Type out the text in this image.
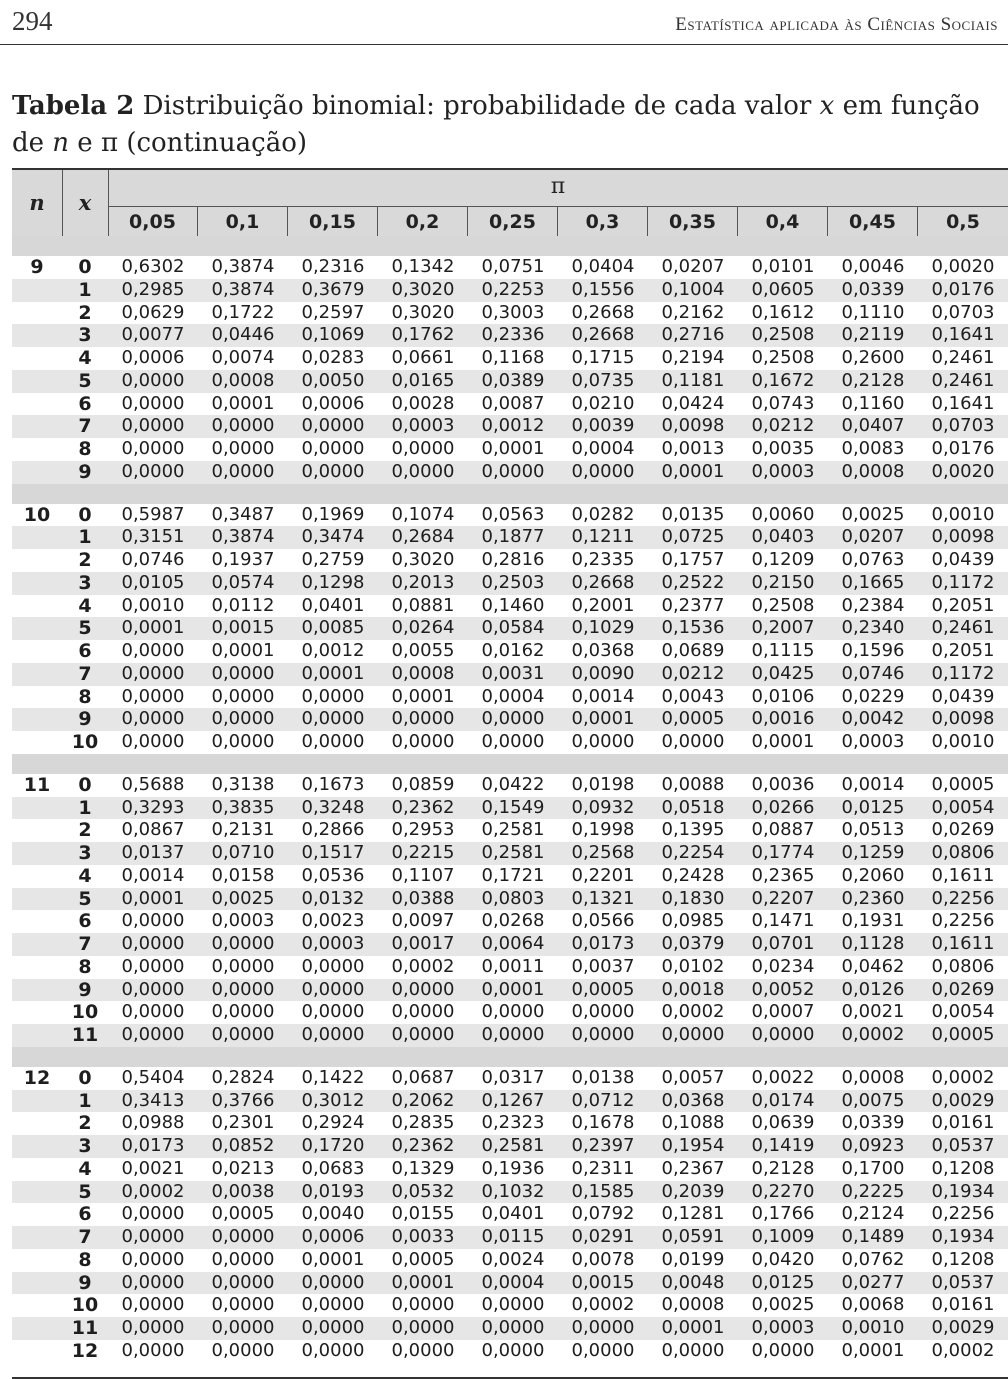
294	Estatística aplicada às Ciências Sociais
Tabela 2 Distribuição binomial: probabilidade de cada valor x em função de n e π (continuação)
n	x
π
0,05	0,1	0,15	0,2	0,25	0,3	0,35	0,4	0,45	0,5
9	0	0,6302	0,3874	0,2316	0,1342	0,0751	0,0404	0,0207	0,0101	0,0046	0,0020
1	0,2985	0,3874	0,3679	0,3020	0,2253	0,1556	0,1004	0,0605	0,0339	0,0176
2	0,0629	0,1722	0,2597	0,3020	0,3003	0,2668	0,2162	0,1612	0,1110	0,0703
3	0,0077	0,0446	0,1069	0,1762	0,2336	0,2668	0,2716	0,2508	0,2119	0,1641
4	0,0006	0,0074	0,0283	0,0661	0,1168	0,1715	0,2194	0,2508	0,2600	0,2461
5	0,0000	0,0008	0,0050	0,0165	0,0389	0,0735	0,1181	0,1672	0,2128	0,2461
6	0,0000	0,0001	0,0006	0,0028	0,0087	0,0210	0,0424	0,0743	0,1160	0,1641
7	0,0000	0,0000	0,0000	0,0003	0,0012	0,0039	0,0098	0,0212	0,0407	0,0703
8	0,0000	0,0000	0,0000	0,0000	0,0001	0,0004	0,0013	0,0035	0,0083	0,0176
9	0,0000	0,0000	0,0000	0,0000	0,0000	0,0000	0,0001	0,0003	0,0008	0,0020
10	0	0,5987	0,3487	0,1969	0,1074	0,0563	0,0282	0,0135	0,0060	0,0025	0,0010
1	0,3151	0,3874	0,3474	0,2684	0,1877	0,1211	0,0725	0,0403	0,0207	0,0098
2	0,0746	0,1937	0,2759	0,3020	0,2816	0,2335	0,1757	0,1209	0,0763	0,0439
3	0,0105	0,0574	0,1298	0,2013	0,2503	0,2668	0,2522	0,2150	0,1665	0,1172
4	0,0010	0,0112	0,0401	0,0881	0,1460	0,2001	0,2377	0,2508	0,2384	0,2051
5	0,0001	0,0015	0,0085	0,0264	0,0584	0,1029	0,1536	0,2007	0,2340	0,2461
6	0,0000	0,0001	0,0012	0,0055	0,0162	0,0368	0,0689	0,1115	0,1596	0,2051
7	0,0000	0,0000	0,0001	0,0008	0,0031	0,0090	0,0212	0,0425	0,0746	0,1172
8	0,0000	0,0000	0,0000	0,0001	0,0004	0,0014	0,0043	0,0106	0,0229	0,0439
9	0,0000	0,0000	0,0000	0,0000	0,0000	0,0001	0,0005	0,0016	0,0042	0,0098
10	0,0000	0,0000	0,0000	0,0000	0,0000	0,0000	0,0000	0,0001	0,0003	0,0010
11	0	0,5688	0,3138	0,1673	0,0859	0,0422	0,0198	0,0088	0,0036	0,0014	0,0005
1	0,3293	0,3835	0,3248	0,2362	0,1549	0,0932	0,0518	0,0266	0,0125	0,0054
2	0,0867	0,2131	0,2866	0,2953	0,2581	0,1998	0,1395	0,0887	0,0513	0,0269
3	0,0137	0,0710	0,1517	0,2215	0,2581	0,2568	0,2254	0,1774	0,1259	0,0806
4	0,0014	0,0158	0,0536	0,1107	0,1721	0,2201	0,2428	0,2365	0,2060	0,1611
5	0,0001	0,0025	0,0132	0,0388	0,0803	0,1321	0,1830	0,2207	0,2360	0,2256
6	0,0000	0,0003	0,0023	0,0097	0,0268	0,0566	0,0985	0,1471	0,1931	0,2256
7	0,0000	0,0000	0,0003	0,0017	0,0064	0,0173	0,0379	0,0701	0,1128	0,1611
8	0,0000	0,0000	0,0000	0,0002	0,0011	0,0037	0,0102	0,0234	0,0462	0,0806
9	0,0000	0,0000	0,0000	0,0000	0,0001	0,0005	0,0018	0,0052	0,0126	0,0269
10	0,0000	0,0000	0,0000	0,0000	0,0000	0,0000	0,0002	0,0007	0,0021	0,0054
11	0,0000	0,0000	0,0000	0,0000	0,0000	0,0000	0,0000	0,0000	0,0002	0,0005
12	0	0,5404	0,2824	0,1422	0,0687	0,0317	0,0138	0,0057	0,0022	0,0008	0,0002
1	0,3413	0,3766	0,3012	0,2062	0,1267	0,0712	0,0368	0,0174	0,0075	0,0029
2	0,0988	0,2301	0,2924	0,2835	0,2323	0,1678	0,1088	0,0639	0,0339	0,0161
3	0,0173	0,0852	0,1720	0,2362	0,2581	0,2397	0,1954	0,1419	0,0923	0,0537
4	0,0021	0,0213	0,0683	0,1329	0,1936	0,2311	0,2367	0,2128	0,1700	0,1208
5	0,0002	0,0038	0,0193	0,0532	0,1032	0,1585	0,2039	0,2270	0,2225	0,1934
6	0,0000	0,0005	0,0040	0,0155	0,0401	0,0792	0,1281	0,1766	0,2124	0,2256
7	0,0000	0,0000	0,0006	0,0033	0,0115	0,0291	0,0591	0,1009	0,1489	0,1934
8	0,0000	0,0000	0,0001	0,0005	0,0024	0,0078	0,0199	0,0420	0,0762	0,1208
9	0,0000	0,0000	0,0000	0,0001	0,0004	0,0015	0,0048	0,0125	0,0277	0,0537
10	0,0000	0,0000	0,0000	0,0000	0,0000	0,0002	0,0008	0,0025	0,0068	0,0161
11	0,0000	0,0000	0,0000	0,0000	0,0000	0,0000	0,0001	0,0003	0,0010	0,0029
12	0,0000	0,0000	0,0000	0,0000	0,0000	0,0000	0,0000	0,0000	0,0001	0,0002
